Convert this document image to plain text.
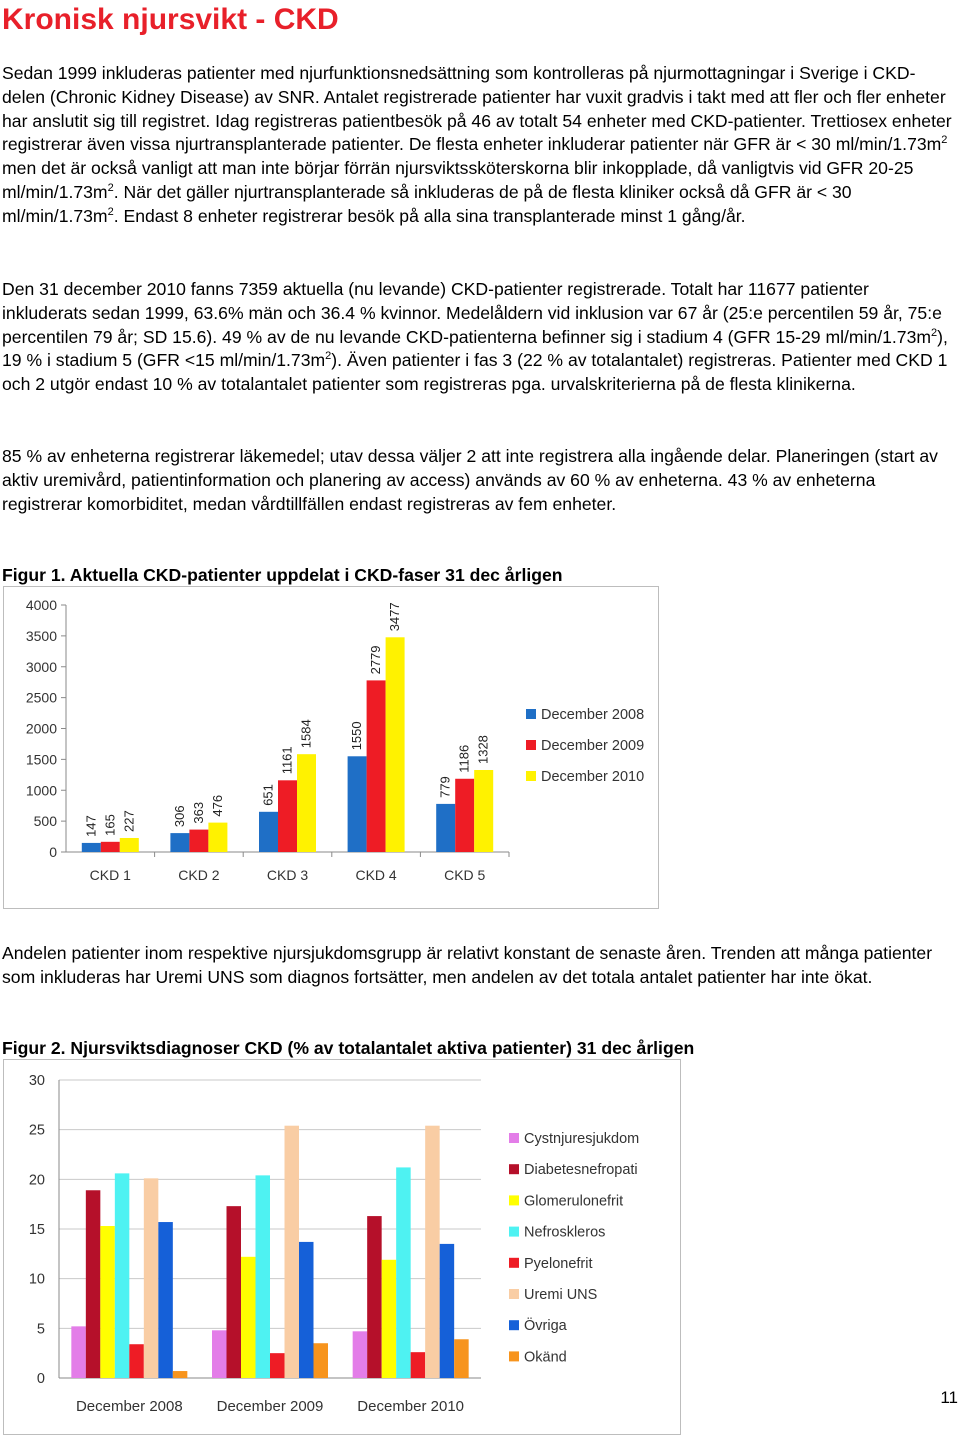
Kronisk njursvikt - CKD

Sedan 1999 inkluderas patienter med njurfunktionsnedsättning som kontrolleras på njurmottagningar i Sverige i CKD-delen (Chronic Kidney Disease) av SNR. Antalet registrerade patienter har vuxit gradvis i takt med att fler och fler enheter har anslutit sig till registret. Idag registreras patientbesök på 46 av totalt 54 enheter med CKD-patienter. Trettiosex enheter registrerar även vissa njurtransplanterade patienter. De flesta enheter inkluderar patienter när GFR är < 30 $ml/\min/1.73m^2$ men det är också vanligt att man inte börjar förrän njursviktssköterskorna blir inkopplade, då vanligtvis vid GFR 20-25 $ml/\min/1.73m^2$. När det gäller njurtransplanterade så inkluderas de på de flesta kliniker också då GFR är < 30 $ml/\min/1.73m^2$. Endast 8 enheter registrerar besök på alla sina transplanterade minst 1 gång/år.

Den 31 december 2010 fanns 7359 aktuella (nu levande) CKD-patienter registrerade. Totalt har 11677 patienter inkluderats sedan 1999, 63.6% män och 36.4 % kvinnor. Medelåldern vid inklusion var 67 år (25:e percentilen 59 år, 75:e percentilen 79 år; SD 15.6). 49 % av de nu levande CKD-patienterna befinner sig i stadium 4 (GFR 15-29 $ml/\min/1.73m^2$), 19 % i stadium 5 (GFR <15 $ml/\min/1.73m^2$). Även patienter i fas 3 (22 % av totalantalet) registreras. Patienter med CKD 1 och 2 utgör endast 10 % av totalantalet patienter som registreras pga. urvalskriterierna på de flesta klinikerna.

85 % av enheterna registrerar läkemedel; utav dessa väljer 2 att inte registrera alla ingående delar. Planeringen (start av aktiv uremivård, patientinformation och planering av access) används av 60 % av enheterna. 43 % av enheterna registrerar komorbiditet, medan vårdtillfällen endast registreras av fem enheter.

Figur 1. Aktuella CKD-patienter uppdelat i CKD-faser 31 dec årligen

0
500
1000
1500
2000
2500
3000
3500
4000
CKD 1
147 165 227
CKD 2
306 363 476
CKD 3
651
1161
1584
CKD 4
1550
2779
3477
CKD 5
779
1186 1328
December 2008
December 2009
December 2010

Andelen patienter inom respektive njursjukdomsgrupp är relativt konstant de senaste åren. Trenden att många patienter som inkluderas har Uremi UNS som diagnos fortsätter, men andelen av det totala antalet patienter har inte ökat.

Figur 2. Njursviktsdiagnoser CKD (% av totalantalet aktiva patienter) 31 dec årligen

0
5
10
15
20
25
30
December 2008 December 2009 December 2010
Cystnjuresjukdom
Diabetesnefropati
Glomerulonefrit
Nefroskleros
Pyelonefrit
Uremi UNS
Övriga
Okänd
11
